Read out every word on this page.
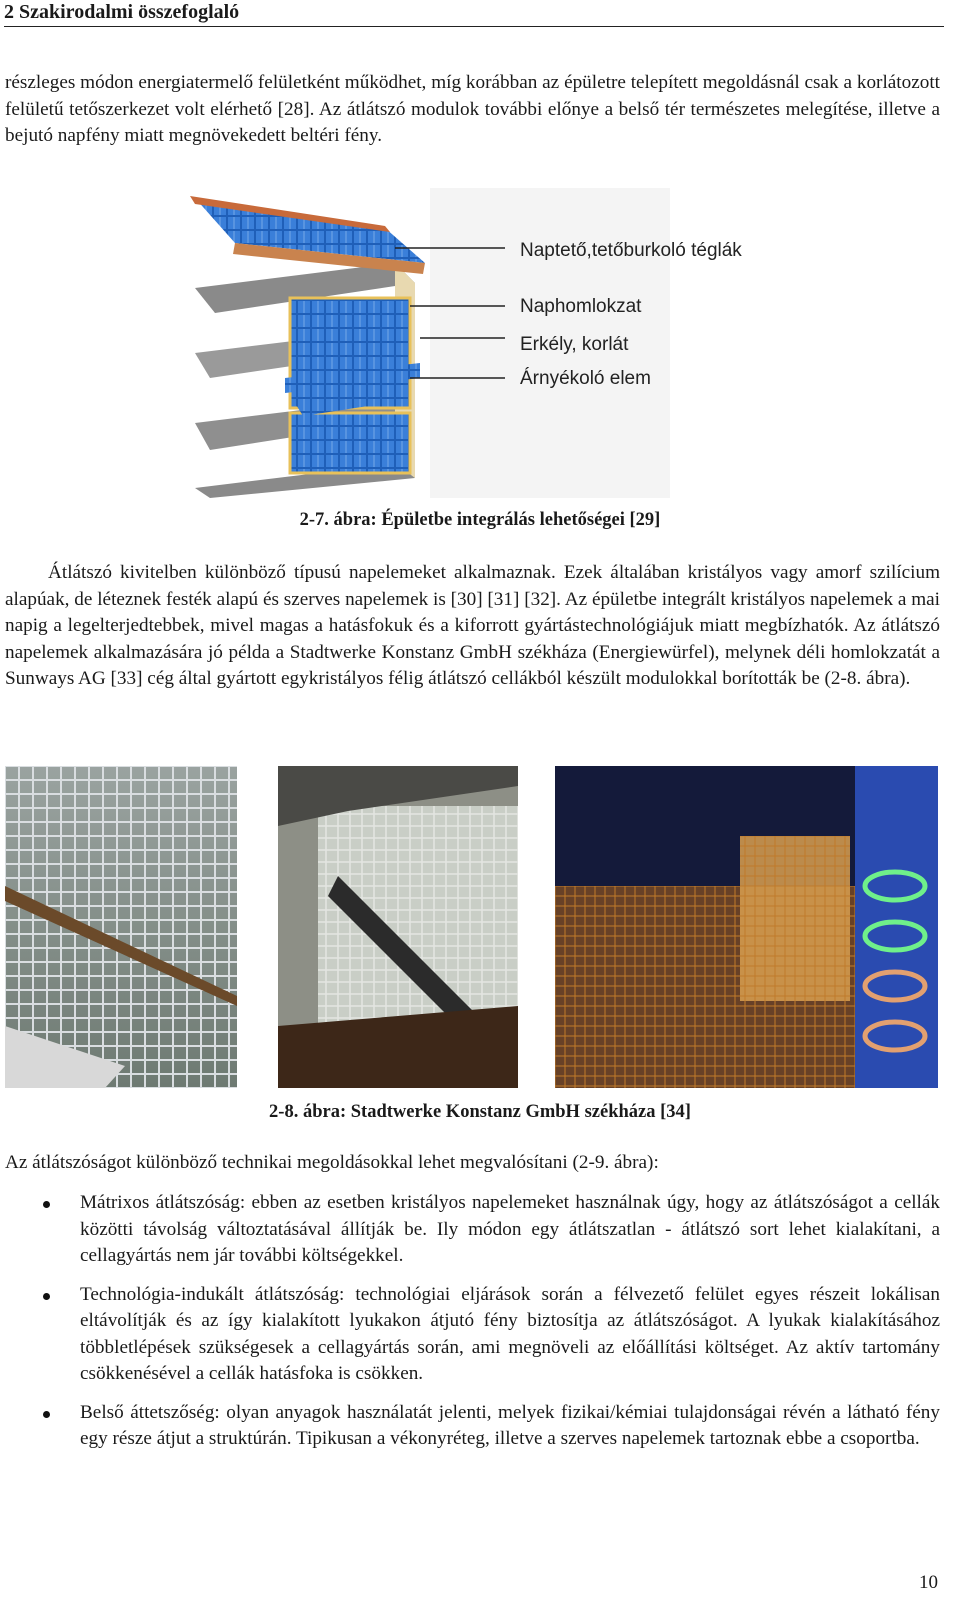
2 Szakirodalmi összefoglaló

részleges módon energiatermelő felületként működhet, míg korábban az épületre telepített megoldásnál csak a korlátozott felületű tetőszerkezet volt elérhető [28]. Az átlátszó modulok további előnye a belső tér természetes melegítése, illetve a bejutó napfény miatt megnövekedett beltéri fény.

Naptető,tetőburkoló téglák
Naphomlokzat
Erkély, korlát
Árnyékoló elem
2-7. ábra: Épületbe integrálás lehetőségei [29]

Átlátszó kivitelben különböző típusú napelemeket alkalmaznak. Ezek általában kristályos vagy amorf szilícium alapúak, de léteznek festék alapú és szerves napelemek is [30] [31] [32]. Az épületbe integrált kristályos napelemek a mai napig a legelterjedtebbek, mivel magas a hatásfokuk és a kiforrott gyártástechnológiájuk miatt megbízhatók. Az átlátszó napelemek alkalmazására jó példa a Stadtwerke Konstanz GmbH székháza (Energiewürfel), melynek déli homlokzatát a Sunways AG [33] cég által gyártott egykristályos félig átlátszó cellákból készült modulokkal borították be (2-8. ábra).

2-8. ábra: Stadtwerke Konstanz GmbH székháza [34]

Az átlátszóságot különböző technikai megoldásokkal lehet megvalósítani (2-9. ábra):

Mátrixos átlátszóság: ebben az esetben kristályos napelemeket használnak úgy, hogy az átlátszóságot a cellák közötti távolság változtatásával állítják be. Ily módon egy átlátszatlan - átlátszó sort lehet kialakítani, a cellagyártás nem jár további költségekkel.
Technológia-indukált átlátszóság: technológiai eljárások során a félvezető felület egyes részeit lokálisan eltávolítják és az így kialakított lyukakon átjutó fény biztosítja az átlátszóságot. A lyukak kialakításához többletlépések szükségesek a cellagyártás során, ami megnöveli az előállítási költséget. Az aktív tartomány csökkenésével a cellák hatásfoka is csökken.
Belső áttetszőség: olyan anyagok használatát jelenti, melyek fizikai/kémiai tulajdonságai révén a látható fény egy része átjut a struktúrán. Tipikusan a vékonyréteg, illetve a szerves napelemek tartoznak ebbe a csoportba.
10
